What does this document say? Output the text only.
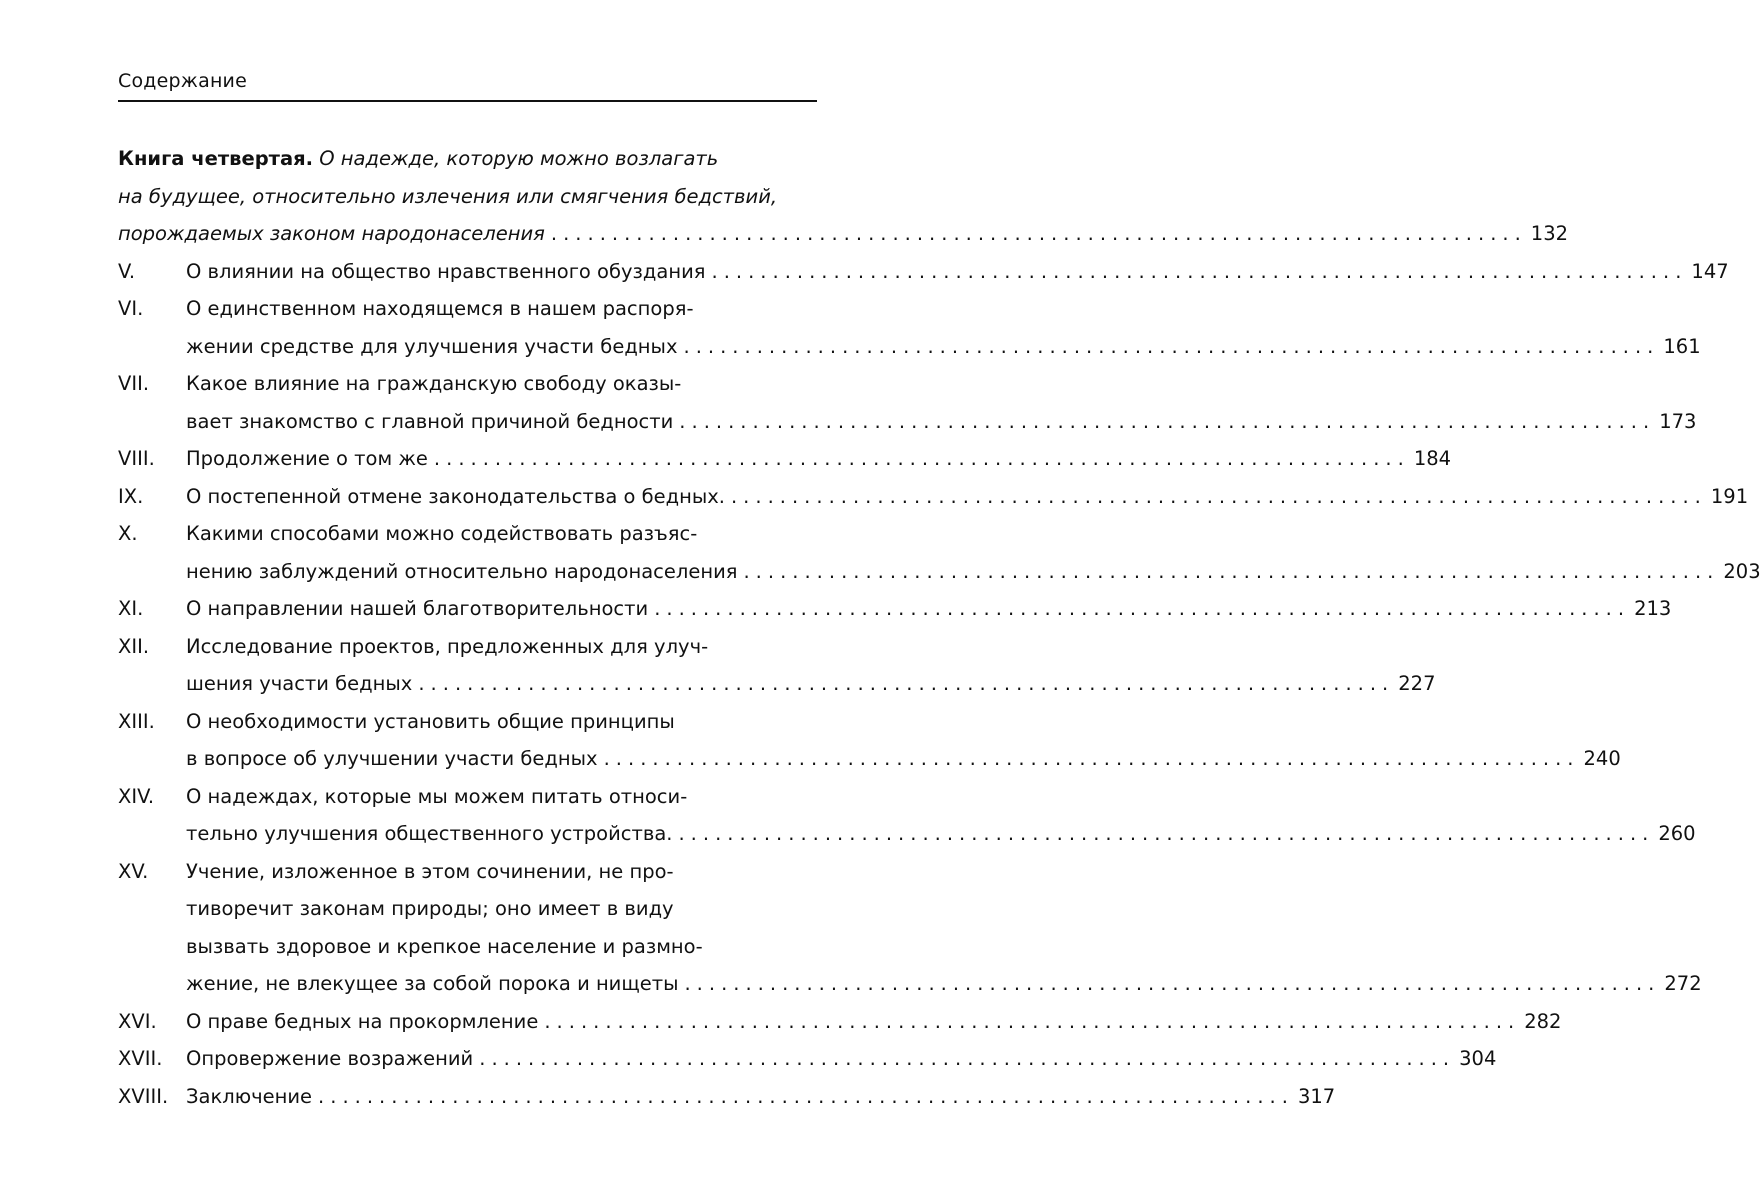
Содержание
Книга четвертая.
О надежде, которую можно возлагать
на будущее, относительно излечения или смягчения бедствий,
порождаемых законом народонаселения ................................................................................ 132
V.	О влиянии на общество нравственного обуздания ................................................................................ 147
VI.	О единственном находящемся в нашем распоря-
жении средстве для улучшения участи бедных ................................................................................ 161
VII.	Какое влияние на гражданскую свободу оказы-
вает знакомство с главной причиной бедности ................................................................................ 173
VIII.	Продолжение о том же ................................................................................ 184
IX.	О постепенной отмене законодательства о бедных. ................................................................................ 191
X.	Какими способами можно содействовать разъяс-
нению заблуждений относительно народонаселения ................................................................................ 203
XI.	О направлении нашей благотворительности ................................................................................ 213
XII.	Исследование проектов, предложенных для улуч-
шения участи бедных ................................................................................ 227
XIII.	О необходимости установить общие принципы
в вопросе об улучшении участи бедных ................................................................................ 240
XIV.	О надеждах, которые мы можем питать относи-
тельно улучшения общественного устройства. ................................................................................ 260
XV.	Учение, изложенное в этом сочинении, не про-
тиворечит законам природы; оно имеет в виду
вызвать здоровое и крепкое население и размно-
жение, не влекущее за собой порока и нищеты ................................................................................ 272
XVI.	О праве бедных на прокормление ................................................................................ 282
XVII.	Опровержение возражений ................................................................................ 304
XVIII. Заключение ................................................................................ 317
